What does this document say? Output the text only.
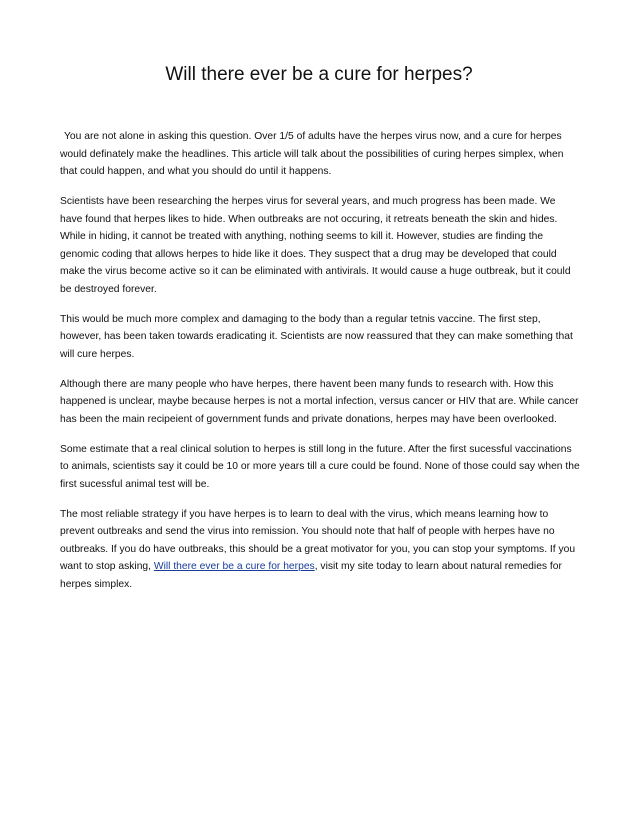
Will there ever be a cure for herpes?

You are not alone in asking this question. Over 1/5 of adults have the herpes virus now, and a cure for herpes would definately make the headlines. This article will talk about the possibilities of curing herpes simplex, when that could happen, and what you should do until it happens.

Scientists have been researching the herpes virus for several years, and much progress has been made. We have found that herpes likes to hide. When outbreaks are not occuring, it retreats beneath the skin and hides. While in hiding, it cannot be treated with anything, nothing seems to kill it. However, studies are finding the genomic coding that allows herpes to hide like it does. They suspect that a drug may be developed that could make the virus become active so it can be eliminated with antivirals. It would cause a huge outbreak, but it could be destroyed forever.

This would be much more complex and damaging to the body than a regular tetnis vaccine. The first step, however, has been taken towards eradicating it. Scientists are now reassured that they can make something that will cure herpes.

Although there are many people who have herpes, there havent been many funds to research with. How this happened is unclear, maybe because herpes is not a mortal infection, versus cancer or HIV that are. While cancer has been the main recipeient of government funds and private donations, herpes may have been overlooked.

Some estimate that a real clinical solution to herpes is still long in the future. After the first sucessful vaccinations to animals, scientists say it could be 10 or more years till a cure could be found. None of those could say when the first sucessful animal test will be.

The most reliable strategy if you have herpes is to learn to deal with the virus, which means learning how to prevent outbreaks and send the virus into remission. You should note that half of people with herpes have no outbreaks. If you do have outbreaks, this should be a great motivator for you, you can stop your symptoms. If you want to stop asking, Will there ever be a cure for herpes, visit my site today to learn about natural remedies for herpes simplex.
